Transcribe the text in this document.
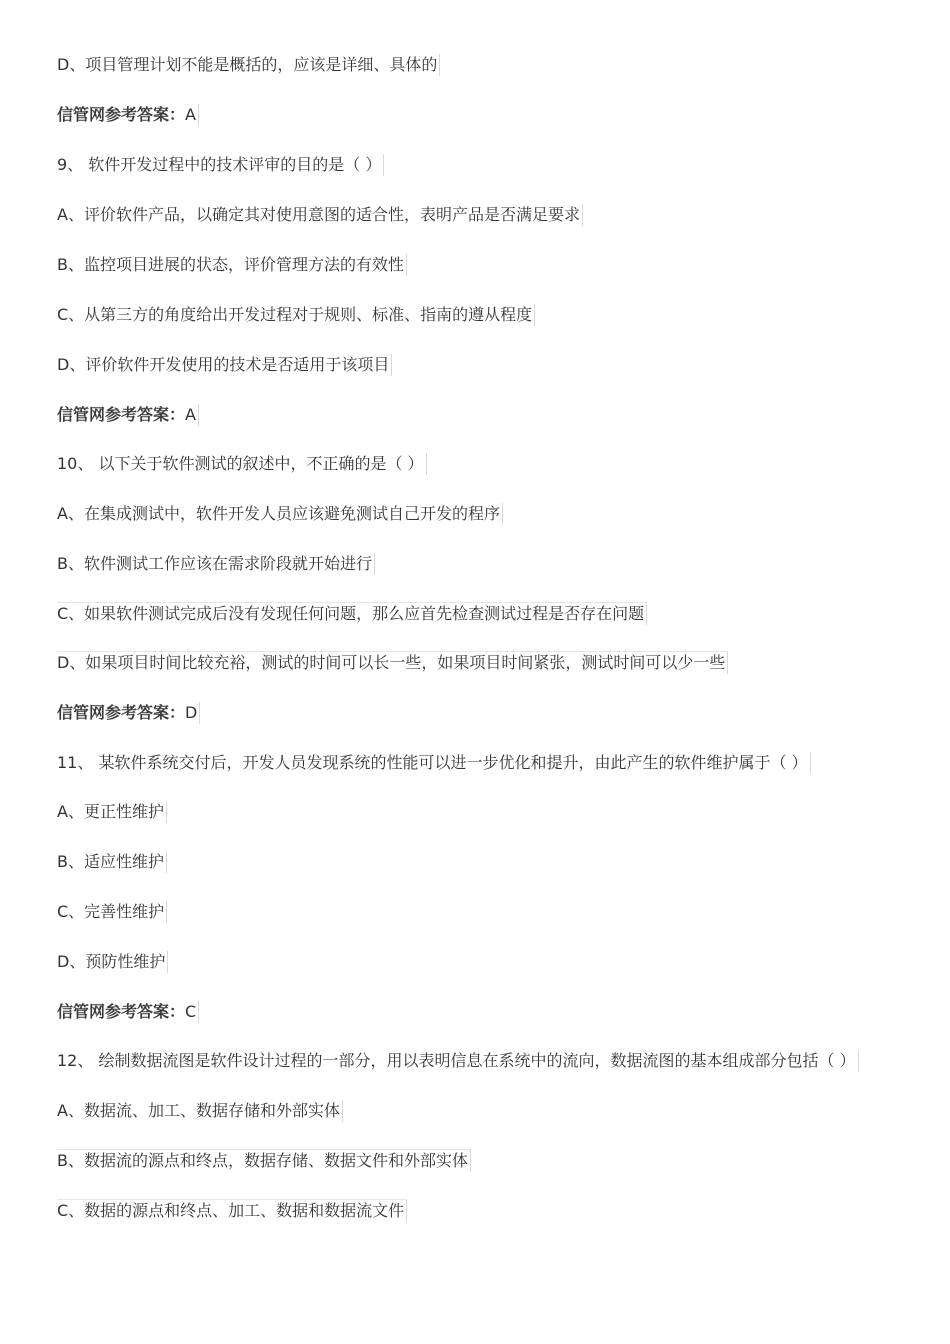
D、项目管理计划不能是概括的，应该是详细、具体的
信管网参考答案：A
9、 软件开发过程中的技术评审的目的是（ ）
A、评价软件产品，以确定其对使用意图的适合性，表明产品是否满足要求
B、监控项目进展的状态，评价管理方法的有效性
C、从第三方的角度给出开发过程对于规则、标准、指南的遵从程度
D、评价软件开发使用的技术是否适用于该项目
信管网参考答案：A
10、 以下关于软件测试的叙述中，不正确的是（ ）
A、在集成测试中，软件开发人员应该避免测试自己开发的程序
B、软件测试工作应该在需求阶段就开始进行
C、如果软件测试完成后没有发现任何问题，那么应首先检查测试过程是否存在问题
D、如果项目时间比较充裕，测试的时间可以长一些，如果项目时间紧张，测试时间可以少一些
信管网参考答案：D
11、 某软件系统交付后，开发人员发现系统的性能可以进一步优化和提升，由此产生的软件维护属于（ ）
A、更正性维护
B、适应性维护
C、完善性维护
D、预防性维护
信管网参考答案：C
12、 绘制数据流图是软件设计过程的一部分，用以表明信息在系统中的流向，数据流图的基本组成部分包括（ ）
A、数据流、加工、数据存储和外部实体
B、数据流的源点和终点，数据存储、数据文件和外部实体
C、数据的源点和终点、加工、数据和数据流文件
